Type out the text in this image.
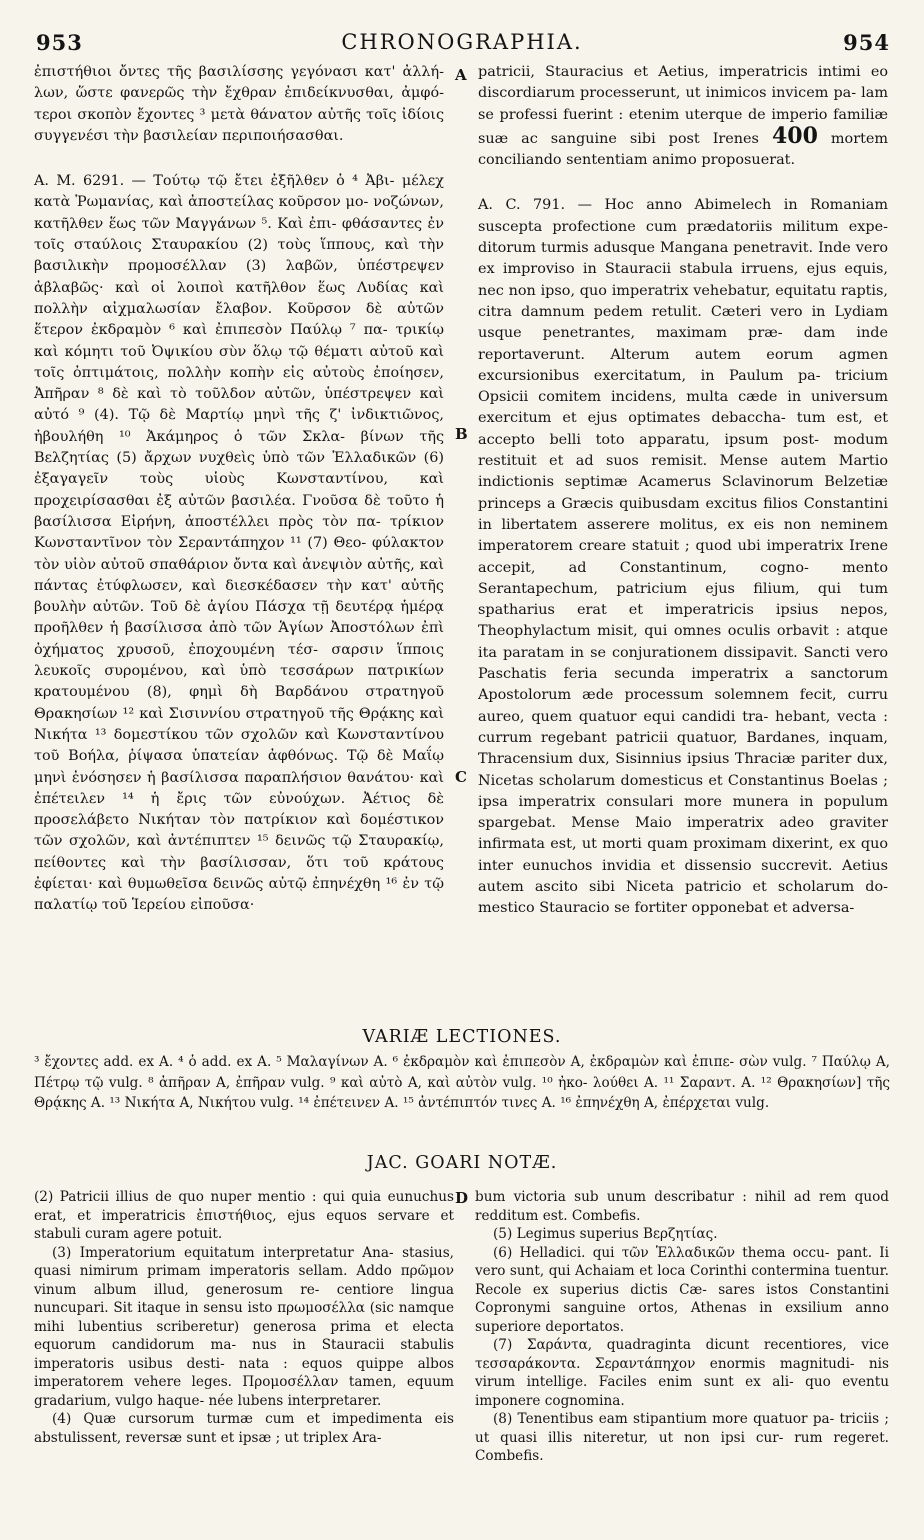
953	CHRONOGRAPHIA.	954

ἐπιστήθιοι ὄντες τῆς βασιλίσσης γεγόνασι κατ' ἀλλή- λων, ὥστε φανερῶς τὴν ἔχθραν ἐπιδείκνυσθαι, ἀμφό- τεροι σκοπὸν ἔχοντες ³ μετὰ θάνατον αὐτῆς τοῖς ἰδίοις συγγενέσι τὴν βασιλείαν περιποιήσασθαι.

A. M. 6291. — Τούτῳ τῷ ἔτει ἐξῆλθεν ὁ ⁴ Ἀβι- μέλεχ κατὰ Ῥωμανίας, καὶ ἀποστείλας κοῦρσον μο- νοζώνων, κατῆλθεν ἕως τῶν Μαγγάνων ⁵. Καὶ ἐπι- φθάσαντες ἐν τοῖς σταύλοις Σταυρακίου (2) τοὺς ἵππους, καὶ τὴν βασιλικὴν προμοσέλλαν (3) λαβῶν, ὑπέστρεψεν ἀβλαβῶς· καὶ οἱ λοιποὶ κατῆλθον ἕως Λυδίας καὶ πολλὴν αἰχμαλωσίαν ἔλαβον. Κοῦρσον δὲ αὐτῶν ἕτερον ἐκδραμὸν ⁶ καὶ ἐπιπεσὸν Παύλῳ ⁷ πα- τρικίῳ καὶ κόμητι τοῦ Ὀψικίου σὺν ὅλῳ τῷ θέματι αὐτοῦ καὶ τοῖς ὀπτιμάτοις, πολλὴν κοπὴν εἰς αὐτοὺς ἐποίησεν, Ἀπῆραν ⁸ δὲ καὶ τὸ τοῦλδον αὐτῶν, ὑπέστρεψεν καὶ αὐτό ⁹ (4). Τῷ δὲ Μαρτίῳ μηνὶ τῆς ζ' ἰνδικτιῶνος, ἠβουλήθη ¹⁰ Ἀκάμηρος ὁ τῶν Σκλα- βίνων τῆς Βελζητίας (5) ἄρχων νυχθεὶς ὑπὸ τῶν Ἑλλαδικῶν (6) ἐξαγαγεῖν τοὺς υἱοὺς Κωνσταντίνου, καὶ προχειρίσασθαι ἐξ αὐτῶν βασιλέα. Γνοῦσα δὲ τοῦτο ἡ βασίλισσα Εἰρήνη, ἀποστέλλει πρὸς τὸν πα- τρίκιον Κωνσταντῖνον τὸν Σεραντάπηχον ¹¹ (7) Θεο- φύλακτον τὸν υἱὸν αὐτοῦ σπαθάριον ὄντα καὶ ἀνεψιὸν αὐτῆς, καὶ πάντας ἐτύφλωσεν, καὶ διεσκέδασεν τὴν κατ' αὐτῆς βουλὴν αὐτῶν. Τοῦ δὲ ἁγίου Πάσχα τῇ δευτέρᾳ ἡμέρᾳ προῆλθεν ἡ βασίλισσα ἀπὸ τῶν Ἁγίων Ἀποστόλων ἐπὶ ὀχήματος χρυσοῦ, ἐποχουμένη τέσ- σαρσιν ἵπποις λευκοῖς συρομένου, καὶ ὑπὸ τεσσάρων πατρικίων κρατουμένου (8), φημὶ δὴ Βαρδάνου στρατηγοῦ Θρακησίων ¹² καὶ Σισιννίου στρατηγοῦ τῆς Θρᾴκης καὶ Νικήτα ¹³ δομεστίκου τῶν σχολῶν καὶ Κωνσταντίνου τοῦ Βοήλα, ῥίψασα ὑπατείαν ἀφθόνως. Τῷ δὲ Μαΐῳ μηνὶ ἐνόσησεν ἡ βασίλισσα παραπλήσιον θανάτου· καὶ ἐπέτειλεν ¹⁴ ἡ ἔρις τῶν εὐνούχων. Ἀέτιος δὲ προσελάβετο Νικήταν τὸν πατρίκιον καὶ δομέστικον τῶν σχολῶν, καὶ ἀντέπιπτεν ¹⁵ δεινῶς τῷ Σταυρακίῳ, πείθοντες καὶ τὴν βασίλισσαν, ὅτι τοῦ κράτους ἐφίεται· καὶ θυμωθεῖσα δεινῶς αὐτῷ ἐπηνέχθη ¹⁶ ἐν τῷ παλατίῳ τοῦ Ἱερείου εἰποῦσα·

patricii, Stauracius et Aetius, imperatricis intimi eo discordiarum processerunt, ut inimicos invicem pa- lam se professi fuerint : etenim uterque de imperio familiæ suæ ac sanguine sibi post Irenes 400 mortem conciliando sententiam animo proposuerat.

A. C. 791. — Hoc anno Abimelech in Romaniam suscepta profectione cum prædatoriis militum expe- ditorum turmis adusque Mangana penetravit. Inde vero ex improviso in Stauracii stabula irruens, ejus equis, nec non ipso, quo imperatrix vehebatur, equitatu raptis, citra damnum pedem retulit. Cæteri vero in Lydiam usque penetrantes, maximam præ- dam inde reportaverunt. Alterum autem eorum agmen excursionibus exercitatum, in Paulum pa- tricium Opsicii comitem incidens, multa cæde in universum exercitum et ejus optimates debaccha- tum est, et accepto belli toto apparatu, ipsum post- modum restituit et ad suos remisit. Mense autem Martio indictionis septimæ Acamerus Sclavinorum Belzetiæ princeps a Græcis quibusdam excitus filios Constantini in libertatem asserere molitus, ex eis non neminem imperatorem creare statuit ; quod ubi imperatrix Irene accepit, ad Constantinum, cogno- mento Serantapechum, patricium ejus filium, qui tum spatharius erat et imperatricis ipsius nepos, Theophylactum misit, qui omnes oculis orbavit : atque ita paratam in se conjurationem dissipavit. Sancti vero Paschatis feria secunda imperatrix a sanctorum Apostolorum æde processum solemnem fecit, curru aureo, quem quatuor equi candidi tra- hebant, vecta : currum regebant patricii quatuor, Bardanes, inquam, Thracensium dux, Sisinnius ipsius Thraciæ pariter dux, Nicetas scholarum domesticus et Constantinus Boelas ; ipsa imperatrix consulari more munera in populum spargebat. Mense Maio imperatrix adeo graviter infirmata est, ut morti quam proximam dixerint, ex quo inter eunuchos invidia et dissensio succrevit. Aetius autem ascito sibi Niceta patricio et scholarum do- mestico Stauracio se fortiter opponebat et adversa-

A
B
C
D
VARIÆ LECTIONES.
³ ἔχοντες add. ex A. ⁴ ὁ add. ex A. ⁵ Μαλαγίνων A. ⁶ ἐκδραμὸν καὶ ἐπιπεσὸν A, ἐκδραμὼν καὶ ἐπιπε- σὼν vulg. ⁷ Παύλῳ A, Πέτρῳ τῷ vulg. ⁸ ἀπῆραν A, ἐπῆραν vulg. ⁹ καὶ αὐτὸ A, καὶ αὐτὸν vulg. ¹⁰ ἠκο- λούθει A. ¹¹ Σαραντ. A. ¹² Θρακησίων] τῆς Θρᾴκης A. ¹³ Νικήτα A, Νικήτου vulg. ¹⁴ ἐπέτεινεν A. ¹⁵ ἀντέπιπτόν τινες A. ¹⁶ ἐπηνέχθη A, ἐπέρχεται vulg.
JAC. GOARI NOTÆ.

(2) Patricii illius de quo nuper mentio : qui quia eunuchus erat, et imperatricis ἐπιστήθιος, ejus equos servare et stabuli curam agere potuit.

(3) Imperatorium equitatum interpretatur Ana- stasius, quasi nimirum primam imperatoris sellam. Addo πρῶμον vinum album illud, generosum re- centiore lingua nuncupari. Sit itaque in sensu isto πρωμοσέλλα (sic namque mihi lubentius scriberetur) generosa prima et electa equorum candidorum ma- nus in Stauracii stabulis imperatoris usibus desti- nata : equos quippe albos imperatorem vehere leges. Προμοσέλλαν tamen, equum gradarium, vulgo haque- née lubens interpretarer.

(4) Quæ cursorum turmæ cum et impedimenta eis abstulissent, reversæ sunt et ipsæ ; ut triplex Ara-

bum victoria sub unum describatur : nihil ad rem quod redditum est. Combefis.

(5) Legimus superius Βερζητίας.

(6) Helladici. qui τῶν Ἑλλαδικῶν thema occu- pant. Ii vero sunt, qui Achaiam et loca Corinthi contermina tuentur. Recole ex superius dictis Cæ- sares istos Constantini Copronymi sanguine ortos, Athenas in exsilium anno superiore deportatos.

(7) Σαράντα, quadraginta dicunt recentiores, vice τεσσαράκοντα. Σεραντάπηχον enormis magnitudi- nis virum intellige. Faciles enim sunt ex ali- quo eventu imponere cognomina.

(8) Tenentibus eam stipantium more quatuor pa- triciis ; ut quasi illis niteretur, ut non ipsi cur- rum regeret. Combefis.
